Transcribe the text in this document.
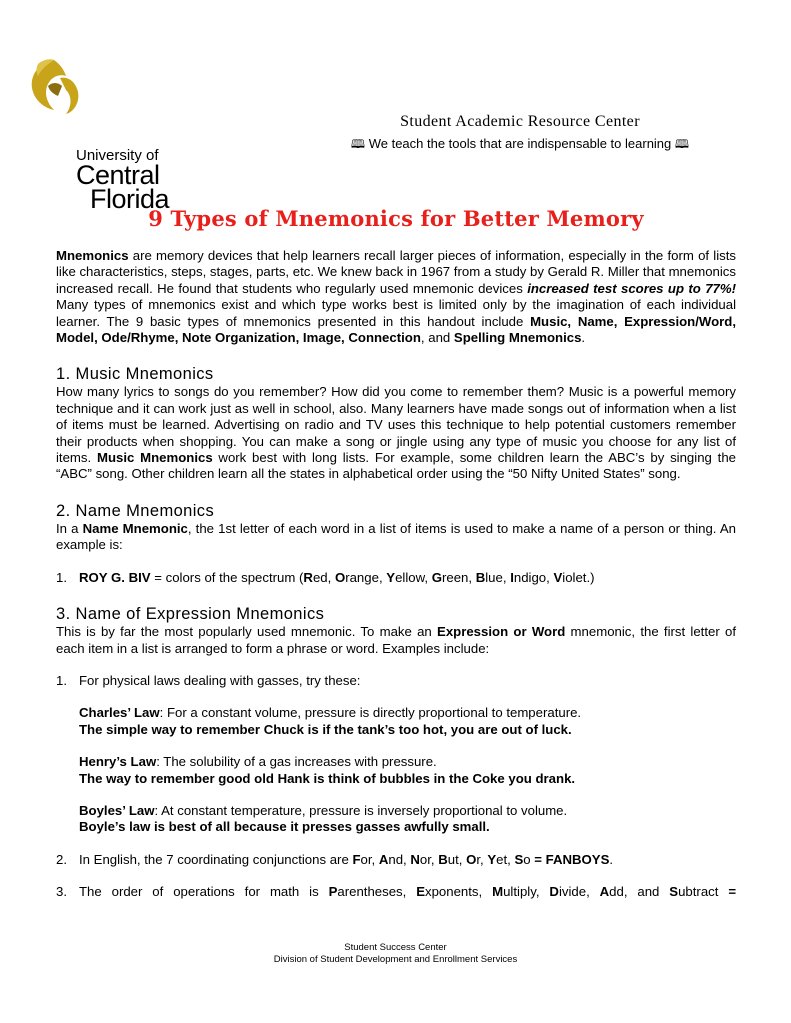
University of
Central
Florida
Student Academic Resource Center
🕮 We teach the tools that are indispensable to learning 🕮
9 Types of Mnemonics for Better Memory

Mnemonics are memory devices that help learners recall larger pieces of information, especially in the form of lists like characteristics, steps, stages, parts, etc. We knew back in 1967 from a study by Gerald R. Miller that mnemonics increased recall. He found that students who regularly used mnemonic devices increased test scores up to 77%! Many types of mnemonics exist and which type works best is limited only by the imagination of each individual learner. The 9 basic types of mnemonics presented in this handout include Music, Name, Expression/Word, Model, Ode/Rhyme, Note Organization, Image, Connection, and Spelling Mnemonics.

1. Music Mnemonics

How many lyrics to songs do you remember? How did you come to remember them? Music is a powerful memory technique and it can work just as well in school, also. Many learners have made songs out of information when a list of items must be learned. Advertising on radio and TV uses this technique to help potential customers remember their products when shopping. You can make a song or jingle using any type of music you choose for any list of items. Music Mnemonics work best with long lists. For example, some children learn the ABC’s by singing the “ABC” song. Other children learn all the states in alphabetical order using the “50 Nifty United States” song.

2. Name Mnemonics

In a Name Mnemonic, the 1st letter of each word in a list of items is used to make a name of a person or thing. An example is:

1. ROY G. BIV = colors of the spectrum (Red, Orange, Yellow, Green, Blue, Indigo, Violet.)
3. Name of Expression Mnemonics

This is by far the most popularly used mnemonic. To make an Expression or Word mnemonic, the first letter of each item in a list is arranged to form a phrase or word. Examples include:

1. For physical laws dealing with gasses, try these:
Charles’ Law: For a constant volume, pressure is directly proportional to temperature.
The simple way to remember Chuck is if the tank’s too hot, you are out of luck.
Henry’s Law: The solubility of a gas increases with pressure.
The way to remember good old Hank is think of bubbles in the Coke you drank.
Boyles’ Law: At constant temperature, pressure is inversely proportional to volume.
Boyle’s law is best of all because it presses gasses awfully small.
2. In English, the 7 coordinating conjunctions are For, And, Nor, But, Or, Yet, So = FANBOYS.
3. The order of operations for math is Parentheses, Exponents, Multiply, Divide, Add, and Subtract =
Student Success Center
Division of Student Development and Enrollment Services
